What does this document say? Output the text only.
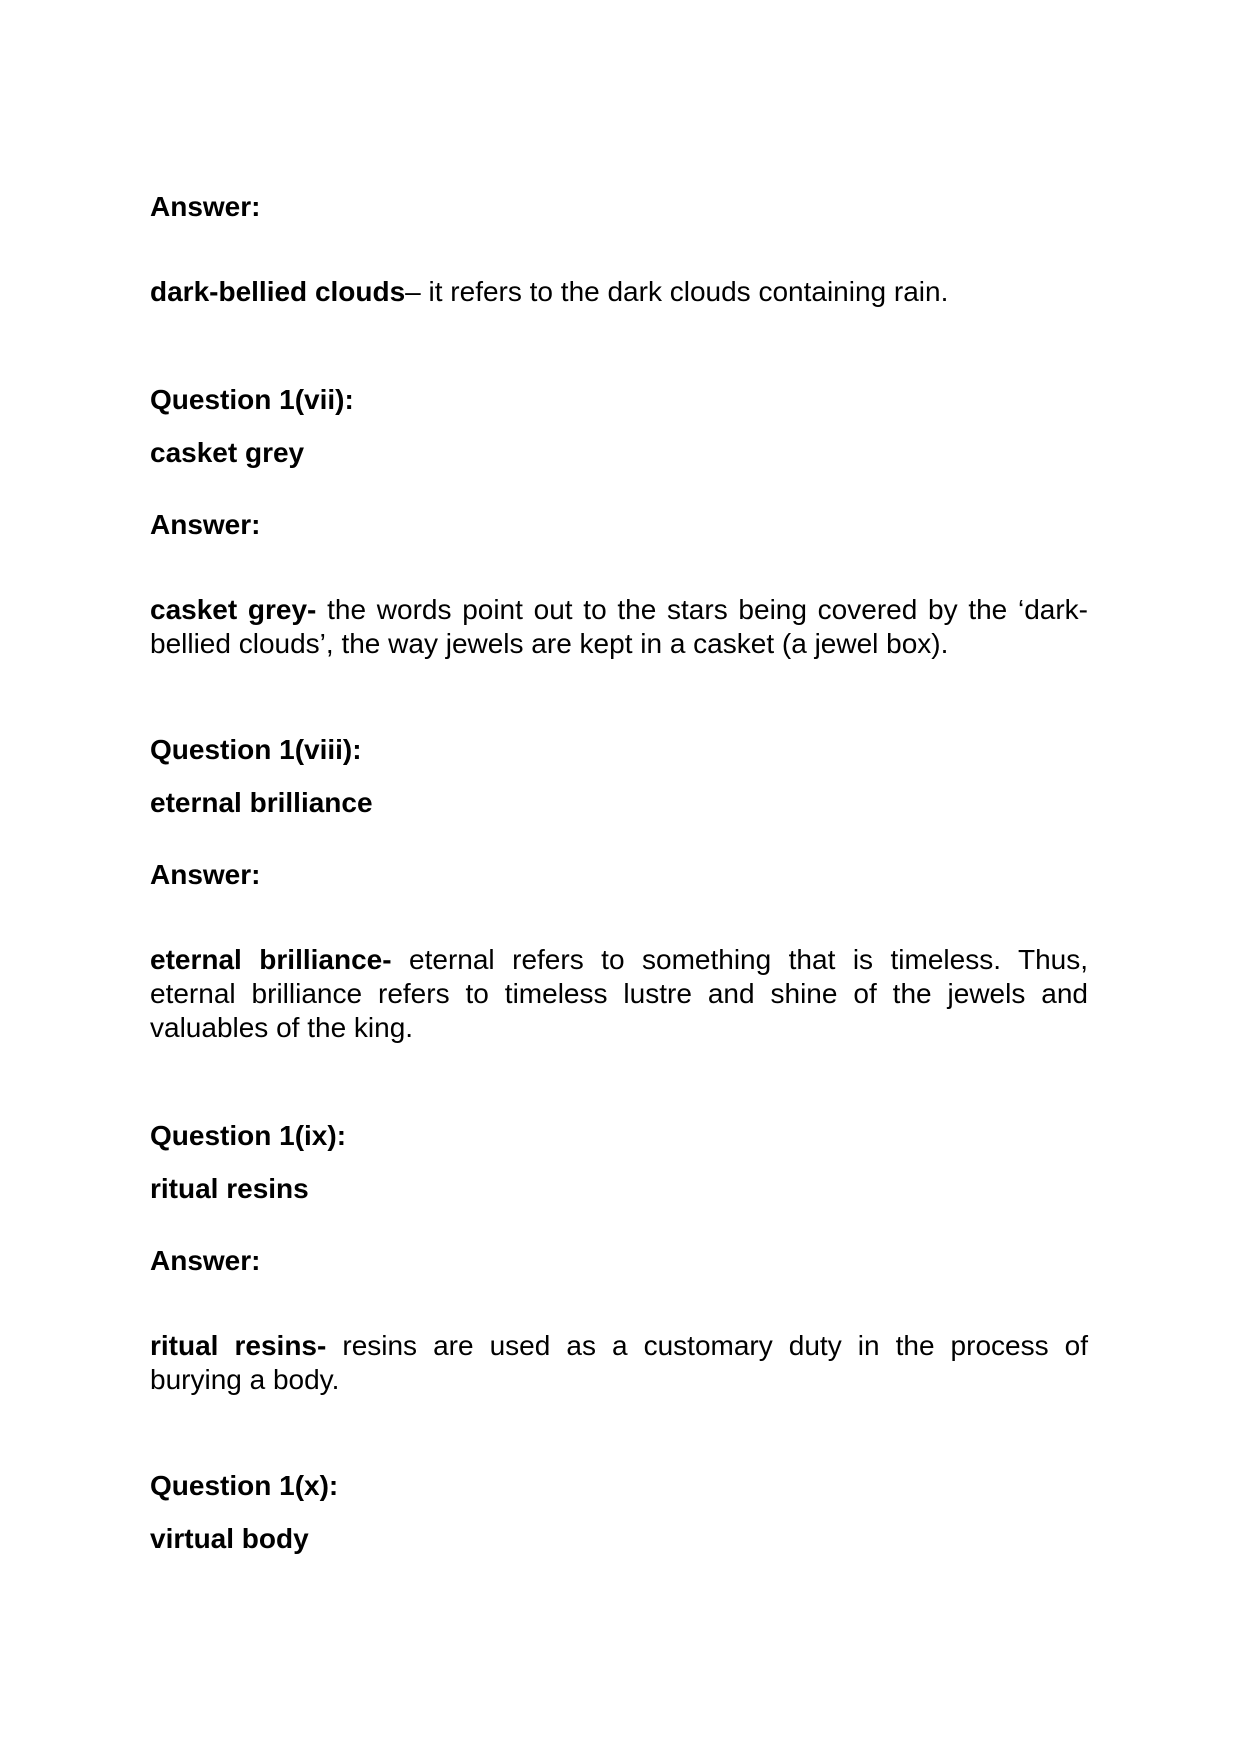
Answer:

dark-bellied clouds– it refers to the dark clouds containing rain.

Question 1(vii):

casket grey

Answer:

casket grey- the words point out to the stars being covered by the ‘dark-bellied clouds’, the way jewels are kept in a casket (a jewel box).

Question 1(viii):

eternal brilliance

Answer:

eternal brilliance- eternal refers to something that is timeless. Thus, eternal brilliance refers to timeless lustre and shine of the jewels and valuables of the king.

Question 1(ix):

ritual resins

Answer:

ritual resins- resins are used as a customary duty in the process of burying a body.

Question 1(x):

virtual body
